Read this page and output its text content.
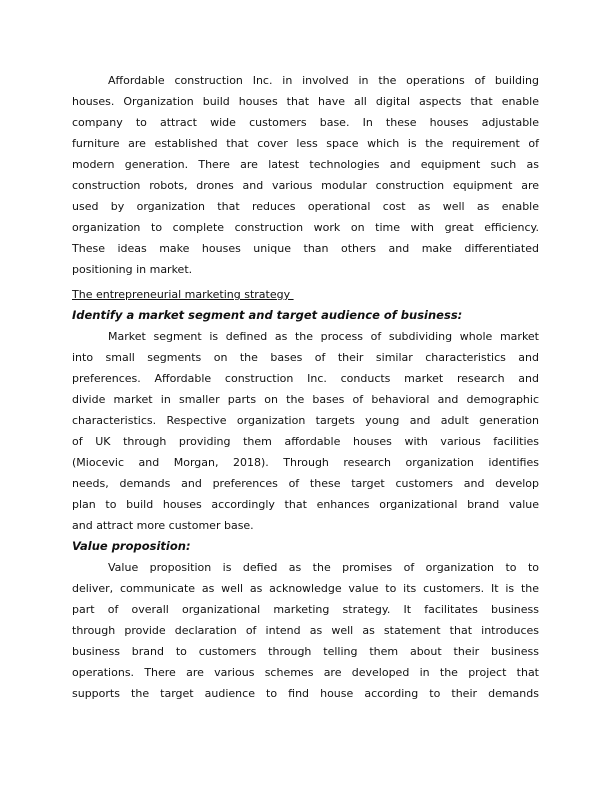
Affordable construction Inc. in involved in the operations of building
houses. Organization build houses that have all digital aspects that enable
company to attract wide customers base. In these houses adjustable
furniture are established that cover less space which is the requirement of
modern generation. There are latest technologies and equipment such as
construction robots, drones and various modular construction equipment are
used by organization that reduces operational cost as well as enable
organization to complete construction work on time with great efficiency.
These ideas make houses unique than others and make differentiated
positioning in market.
The entrepreneurial marketing strategy
Identify a market segment and target audience of business:
Market segment is defined as the process of subdividing whole market
into small segments on the bases of their similar characteristics and
preferences. Affordable construction Inc. conducts market research and
divide market in smaller parts on the bases of behavioral and demographic
characteristics. Respective organization targets young and adult generation
of UK through providing them affordable houses with various facilities
(Miocevic and Morgan, 2018). Through research organization identifies
needs, demands and preferences of these target customers and develop
plan to build houses accordingly that enhances organizational brand value
and attract more customer base.
Value proposition:
Value proposition is defied as the promises of organization to to
deliver, communicate as well as acknowledge value to its customers. It is the
part of overall organizational marketing strategy. It facilitates business
through provide declaration of intend as well as statement that introduces
business brand to customers through telling them about their business
operations. There are various schemes are developed in the project that
supports the target audience to find house according to their demands
